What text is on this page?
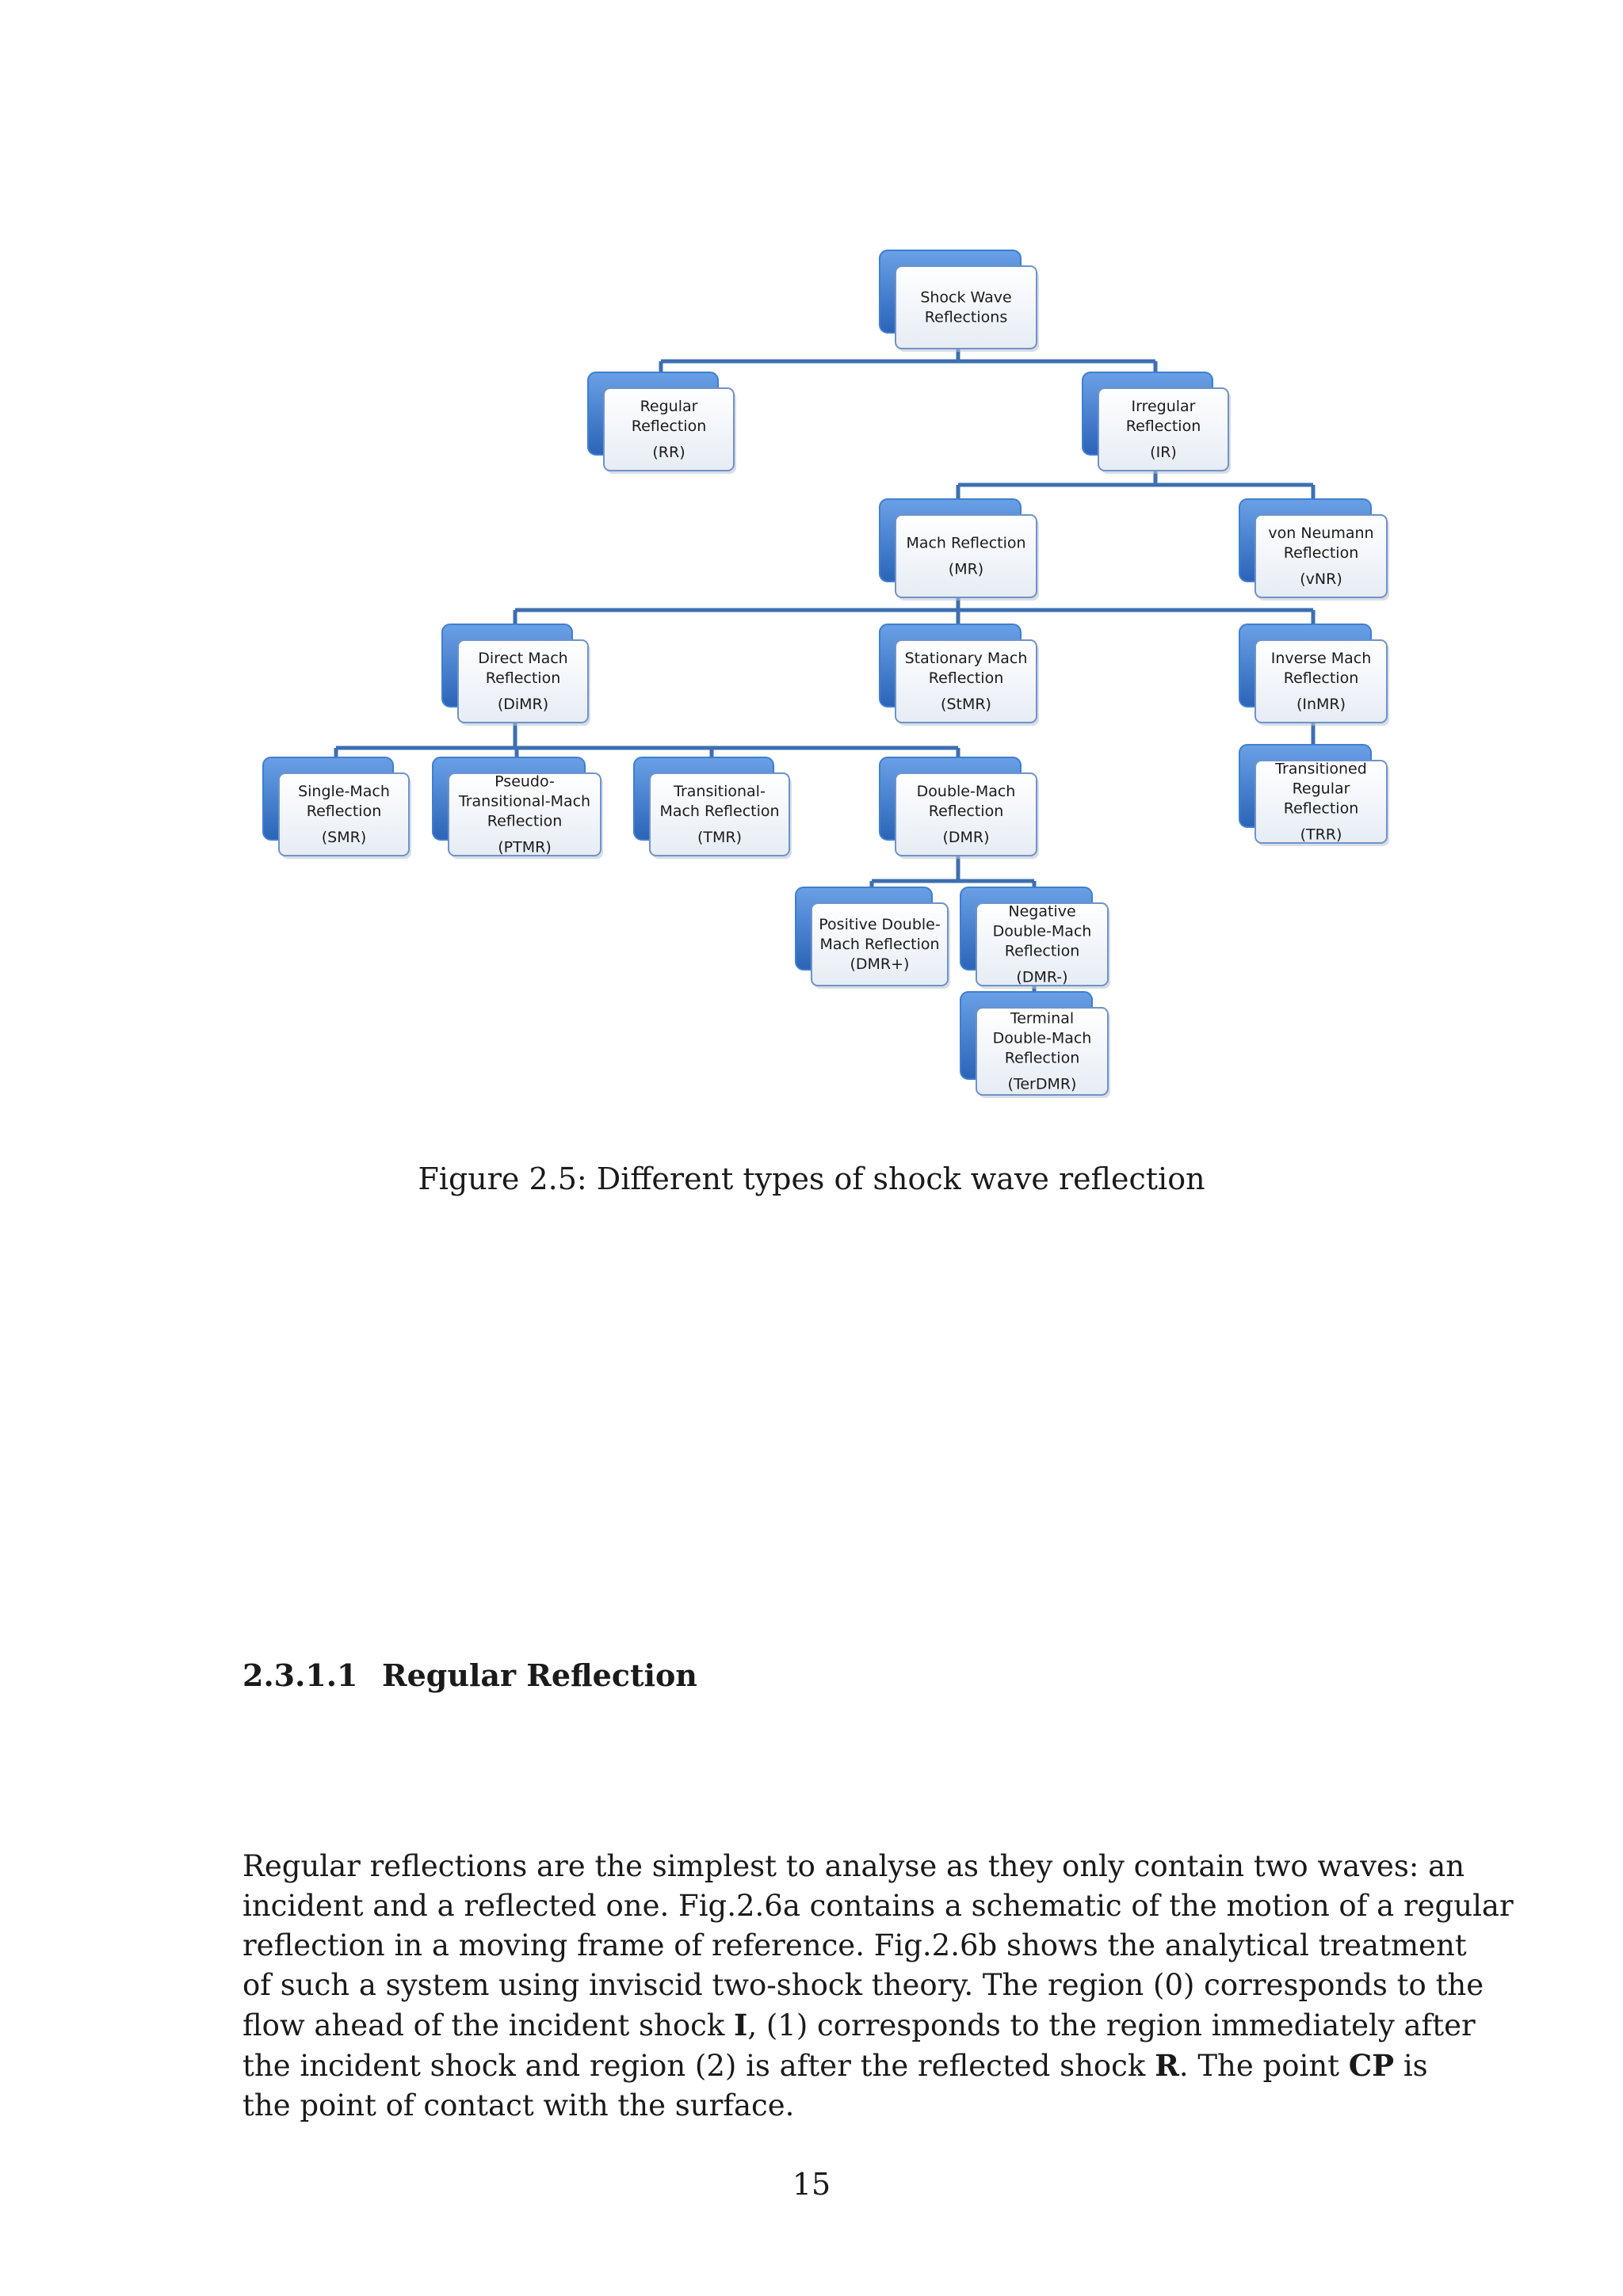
Shock Wave
Reflections
Regular
Reflection
(RR)
Irregular
Reflection
(IR)
Mach Reflection
(MR)
von Neumann
Reflection
(vNR)
Direct Mach
Reflection
(DiMR)
Stationary Mach
Reflection
(StMR)
Inverse Mach
Reflection
(InMR)
Single-Mach
Reflection
(SMR)
Pseudo-
Transitional-Mach
Reflection
(PTMR)
Transitional-
Mach Reflection
(TMR)
Double-Mach
Reflection
(DMR)
Transitioned
Regular
Reflection
(TRR)
Positive Double-
Mach Reflection
(DMR+)
Negative
Double-Mach
Reflection
(DMR-)
Terminal
Double-Mach
Reflection
(TerDMR)
Figure 2.5: Different types of shock wave reflection
2.3.1.1 Regular Reflection
Regular reflections are the simplest to analyse as they only contain two waves: an
incident and a reflected one. Fig.2.6a contains a schematic of the motion of a regular
reflection in a moving frame of reference. Fig.2.6b shows the analytical treatment
of such a system using inviscid two-shock theory. The region (0) corresponds to the
flow ahead of the incident shock I, (1) corresponds to the region immediately after
the incident shock and region (2) is after the reflected shock R. The point CP is
the point of contact with the surface.
15
